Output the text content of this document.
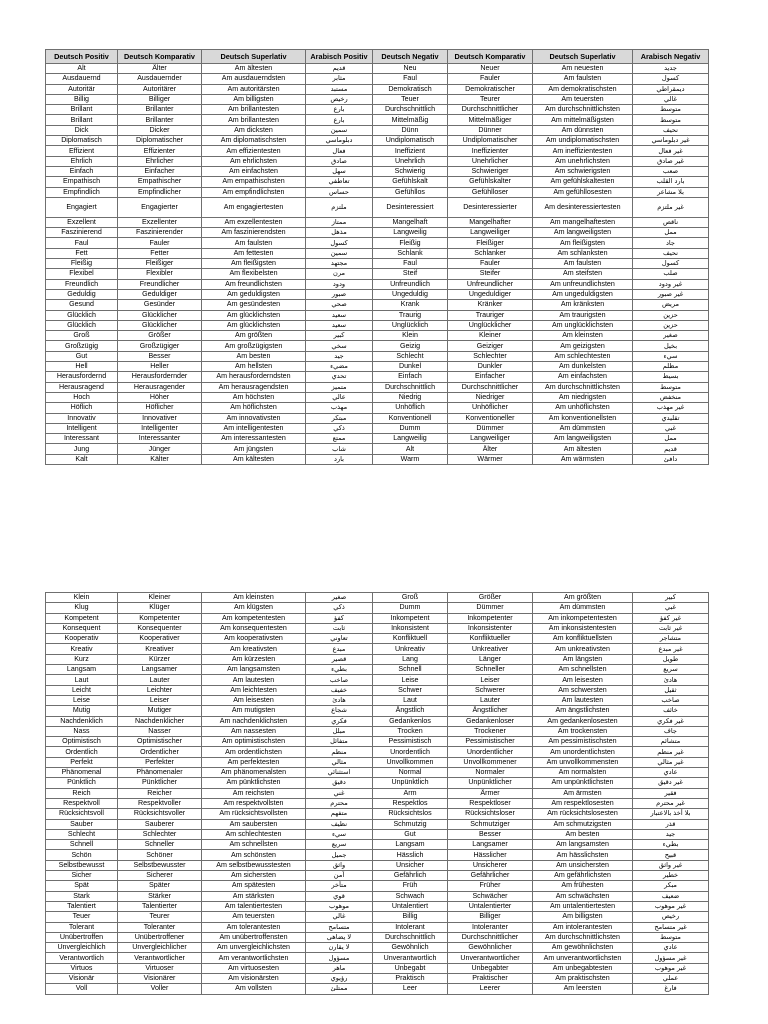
Deutsch Positiv	Deutsch Komparativ	Deutsch Superlativ	Arabisch Positiv	Deutsch Negativ	Deutsch Komparativ	Deutsch Superlativ	Arabisch Negativ
Alt	Älter	Am ältesten	قديم	Neu	Neuer	Am neuesten	جديد
Ausdauernd	Ausdauernder	Am ausdauerndsten	مثابر	Faul	Fauler	Am faulsten	كسول
Autoritär	Autoritärer	Am autoritärsten	مستبد	Demokratisch	Demokratischer	Am demokratischsten	ديمقراطي
Billig	Billiger	Am billigsten	رخيص	Teuer	Teurer	Am teuersten	غالي
Brillant	Brillanter	Am brillantesten	بارع	Durchschnittlich	Durchschnittlicher	Am durchschnittlichsten	متوسط
Brillant	Brillanter	Am brillantesten	بارع	Mittelmäßig	Mittelmäßiger	Am mittelmäßigsten	متوسط
Dick	Dicker	Am dicksten	سمين	Dünn	Dünner	Am dünnsten	نحيف
Diplomatisch	Diplomatischer	Am diplomatischsten	دبلوماسي	Undiplomatisch	Undiplomatischer	Am undiplomatischsten	غير دبلوماسي
Effizient	Effizienter	Am effizientesten	فعال	Ineffizient	Ineffizienter	Am ineffizientesten	غير فعال
Ehrlich	Ehrlicher	Am ehrlichsten	صادق	Unehrlich	Unehrlicher	Am unehrlichsten	غير صادق
Einfach	Einfacher	Am einfachsten	سهل	Schwierig	Schwieriger	Am schwierigsten	صعب
Empathisch	Empathischer	Am empathischsten	تعاطفي	Gefühlskalt	Gefühlskalter	Am gefühlskaltesten	بارد القلب
Empfindlich	Empfindlicher	Am empfindlichsten	حساس	Gefühllos	Gefühlloser	Am gefühllosesten	بلا مشاعر
Engagiert	Engagierter	Am engagiertesten	ملتزم	Desinteressiert	Desinteressierter	Am desinteressiertesten	غير ملتزم
Exzellent	Exzellenter	Am exzellentesten	ممتاز	Mangelhaft	Mangelhafter	Am mangelhaftesten	ناقص
Faszinierend	Faszinierender	Am faszinierendsten	مذهل	Langweilig	Langweiliger	Am langweiligsten	ممل
Faul	Fauler	Am faulsten	كسول	Fleißig	Fleißiger	Am fleißigsten	جاد
Fett	Fetter	Am fettesten	سمين	Schlank	Schlanker	Am schlanksten	نحيف
Fleißig	Fleißiger	Am fleißigsten	مجتهد	Faul	Fauler	Am faulsten	كسول
Flexibel	Flexibler	Am flexibelsten	مرن	Steif	Steifer	Am steifsten	صلب
Freundlich	Freundlicher	Am freundlichsten	ودود	Unfreundlich	Unfreundlicher	Am unfreundlichsten	غير ودود
Geduldig	Geduldiger	Am geduldigsten	صبور	Ungeduldig	Ungeduldiger	Am ungeduldigsten	غير صبور
Gesund	Gesünder	Am gesündesten	صحي	Krank	Kränker	Am kränksten	مريض
Glücklich	Glücklicher	Am glücklichsten	سعيد	Traurig	Trauriger	Am traurigsten	حزين
Glücklich	Glücklicher	Am glücklichsten	سعيد	Unglücklich	Unglücklicher	Am unglücklichsten	حزين
Groß	Größer	Am größten	كبير	Klein	Kleiner	Am kleinsten	صغير
Großzügig	Großzügiger	Am großzügigsten	سخي	Geizig	Geiziger	Am geizigsten	بخيل
Gut	Besser	Am besten	جيد	Schlecht	Schlechter	Am schlechtesten	سيء
Hell	Heller	Am hellsten	مضيء	Dunkel	Dunkler	Am dunkelsten	مظلم
Herausfordernd	Herausfordernder	Am herausforderndsten	تحدي	Einfach	Einfacher	Am einfachsten	بسيط
Herausragend	Herausragender	Am herausragendsten	متميز	Durchschnittlich	Durchschnittlicher	Am durchschnittlichsten	متوسط
Hoch	Höher	Am höchsten	عالي	Niedrig	Niedriger	Am niedrigsten	منخفض
Höflich	Höflicher	Am höflichsten	مهذب	Unhöflich	Unhöflicher	Am unhöflichsten	غير مهذب
Innovativ	Innovativer	Am innovativsten	مبتكر	Konventionell	Konventioneller	Am konventionellsten	تقليدي
Intelligent	Intelligenter	Am intelligentesten	ذكي	Dumm	Dümmer	Am dümmsten	غبي
Interessant	Interessanter	Am interessantesten	ممتع	Langweilig	Langweiliger	Am langweiligsten	ممل
Jung	Jünger	Am jüngsten	شاب	Alt	Älter	Am ältesten	قديم
Kalt	Kälter	Am kältesten	بارد	Warm	Wärmer	Am wärmsten	دافئ
Klein	Kleiner	Am kleinsten	صغير	Groß	Größer	Am größten	كبير
Klug	Klüger	Am klügsten	ذكي	Dumm	Dümmer	Am dümmsten	غبي
Kompetent	Kompetenter	Am kompetentesten	كفؤ	Inkompetent	Inkompetenter	Am inkompetentesten	غير كفؤ
Konsequent	Konsequenter	Am konsequentesten	ثابت	Inkonsistent	Inkonsistenter	Am inkonsistentesten	غير ثابت
Kooperativ	Kooperativer	Am kooperativsten	تعاوني	Konfliktuell	Konfliktueller	Am konfliktuellsten	متشاجر
Kreativ	Kreativer	Am kreativsten	مبدع	Unkreativ	Unkreativer	Am unkreativsten	غير مبدع
Kurz	Kürzer	Am kürzesten	قصير	Lang	Länger	Am längsten	طويل
Langsam	Langsamer	Am langsamsten	بطيء	Schnell	Schneller	Am schnellsten	سريع
Laut	Lauter	Am lautesten	صاخب	Leise	Leiser	Am leisesten	هادئ
Leicht	Leichter	Am leichtesten	خفيف	Schwer	Schwerer	Am schwersten	ثقيل
Leise	Leiser	Am leisesten	هادئ	Laut	Lauter	Am lautesten	صاخب
Mutig	Mutiger	Am mutigsten	شجاع	Ängstlich	Ängstlicher	Am ängstlichsten	خائف
Nachdenklich	Nachdenklicher	Am nachdenklichsten	فكري	Gedankenlos	Gedankenloser	Am gedankenlosesten	غير فكري
Nass	Nasser	Am nassesten	مبلل	Trocken	Trockener	Am trockensten	جاف
Optimistisch	Optimistischer	Am optimistischsten	متفائل	Pessimistisch	Pessimistischer	Am pessimistischsten	متشائم
Ordentlich	Ordentlicher	Am ordentlichsten	منظم	Unordentlich	Unordentlicher	Am unordentlichsten	غير منظم
Perfekt	Perfekter	Am perfektesten	مثالي	Unvollkommen	Unvollkommener	Am unvollkommensten	غير مثالي
Phänomenal	Phänomenaler	Am phänomenalsten	استثنائي	Normal	Normaler	Am normalsten	عادي
Pünktlich	Pünktlicher	Am pünktlichsten	دقيق	Unpünktlich	Unpünktlicher	Am unpünktlichsten	غير دقيق
Reich	Reicher	Am reichsten	غني	Arm	Ärmer	Am ärmsten	فقير
Respektvoll	Respektvoller	Am respektvollsten	محترم	Respektlos	Respektloser	Am respektlosesten	غير محترم
Rücksichtsvoll	Rücksichtsvoller	Am rücksichtsvollsten	متفهم	Rücksichtslos	Rücksichtsloser	Am rücksichtslosesten	بلا أخذ بالاعتبار
Sauber	Sauberer	Am saubersten	نظيف	Schmutzig	Schmutziger	Am schmutzigsten	قذر
Schlecht	Schlechter	Am schlechtesten	سيء	Gut	Besser	Am besten	جيد
Schnell	Schneller	Am schnellsten	سريع	Langsam	Langsamer	Am langsamsten	بطيء
Schön	Schöner	Am schönsten	جميل	Hässlich	Hässlicher	Am hässlichsten	قبيح
Selbstbewusst	Selbstbewusster	Am selbstbewusstesten	واثق	Unsicher	Unsicherer	Am unsichersten	غير واثق
Sicher	Sicherer	Am sichersten	آمن	Gefährlich	Gefährlicher	Am gefährlichsten	خطير
Spät	Später	Am spätesten	متأخر	Früh	Früher	Am frühesten	مبكر
Stark	Stärker	Am stärksten	قوي	Schwach	Schwächer	Am schwächsten	ضعيف
Talentiert	Talentierter	Am talentiertesten	موهوب	Untalentiert	Untalentierter	Am untalentiertesten	غير موهوب
Teuer	Teurer	Am teuersten	غالي	Billig	Billiger	Am billigsten	رخيص
Tolerant	Toleranter	Am tolerantesten	متسامح	Intolerant	Intoleranter	Am intolerantesten	غير متسامح
Unübertroffen	Unübertroffener	Am unübertroffensten	لا يضاهى	Durchschnittlich	Durchschnittlicher	Am durchschnittlichsten	متوسط
Unvergleichlich	Unvergleichlicher	Am unvergleichlichsten	لا يقارن	Gewöhnlich	Gewöhnlicher	Am gewöhnlichsten	عادي
Verantwortlich	Verantwortlicher	Am verantwortlichsten	مسؤول	Unverantwortlich	Unverantwortlicher	Am unverantwortlichsten	غير مسؤول
Virtuos	Virtuoser	Am virtuosesten	ماهر	Unbegabt	Unbegabter	Am unbegabtesten	غير موهوب
Visionär	Visionärer	Am visionärsten	رؤيوي	Praktisch	Praktischer	Am praktischsten	عملي
Voll	Voller	Am vollsten	ممتلئ	Leer	Leerer	Am leersten	فارغ
